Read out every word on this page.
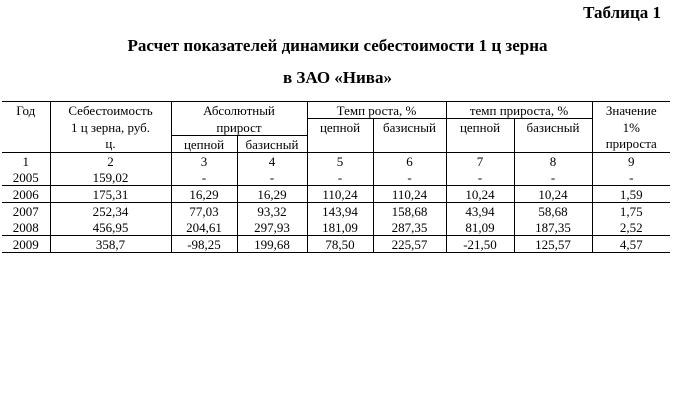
Таблица 1
Расчет показателей динамики себестоимости 1 ц зерна
в ЗАО «Нива»
Год	Себестоимость	Абсолютный		Темп роста, %		темп прироста, %		Значение
	1 ц зерна, руб.	прирост		цепной	базисный	цепной	базисный	1%
	ц.	цепной	базисный					прироста
1	2	3	4	5	6	7	8	9
2005	159,02	-	-	-	-	-	-	-
2006	175,31	16,29	16,29	110,24	110,24	10,24	10,24	1,59
2007	252,34	77,03	93,32	143,94	158,68	43,94	58,68	1,75
2008	456,95	204,61	297,93	181,09	287,35	81,09	187,35	2,52
2009	358,7	-98,25	199,68	78,50	225,57	-21,50	125,57	4,57
